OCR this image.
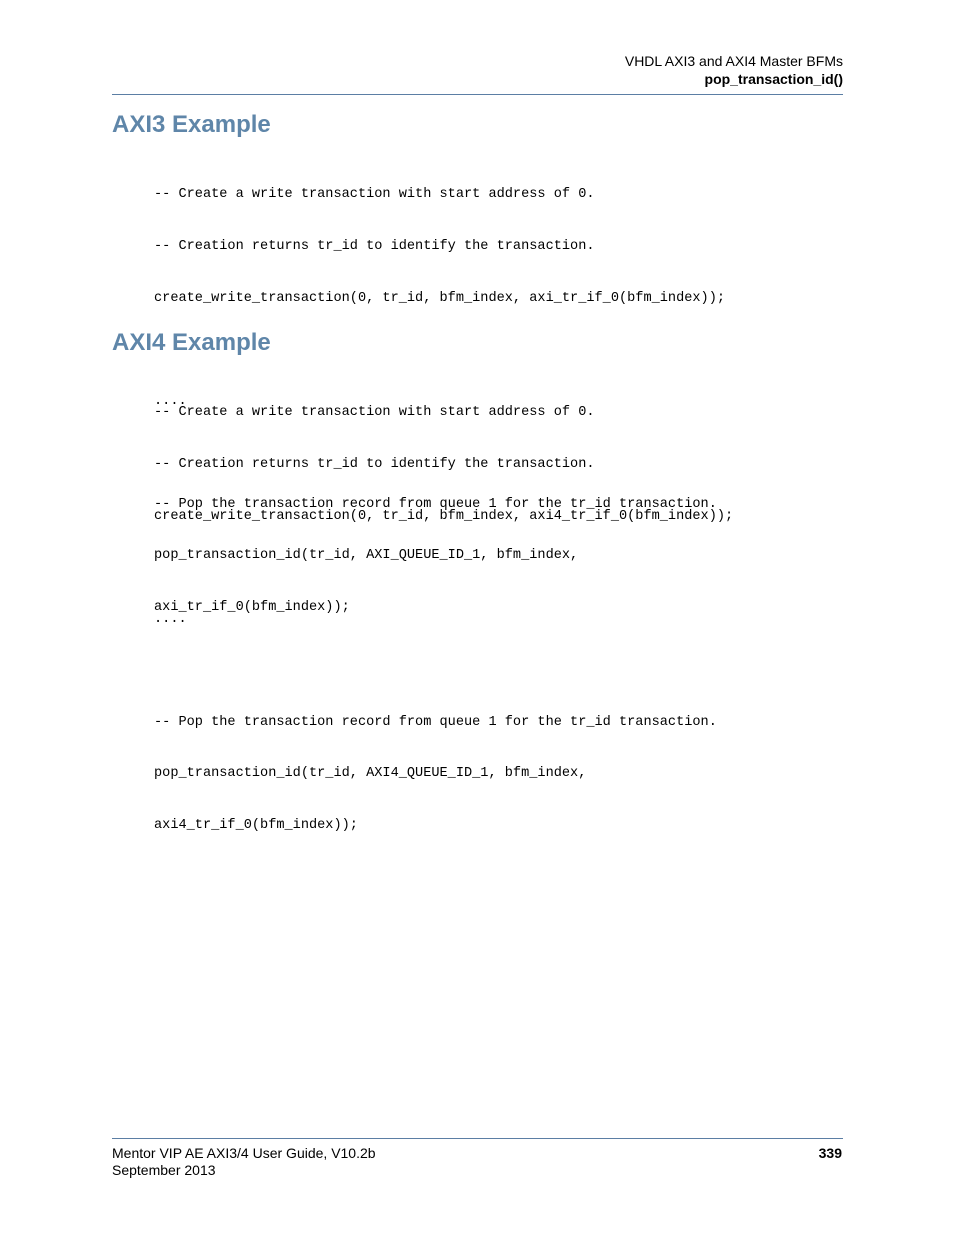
VHDL AXI3 and AXI4 Master BFMs
pop_transaction_id()
AXI3 Example

-- Create a write transaction with start address of 0.

-- Creation returns tr_id to identify the transaction.

create_write_transaction(0, tr_id, bfm_index, axi_tr_if_0(bfm_index));

....

-- Pop the transaction record from queue 1 for the tr_id transaction.

pop_transaction_id(tr_id, AXI_QUEUE_ID_1, bfm_index,

axi_tr_if_0(bfm_index));

AXI4 Example

-- Create a write transaction with start address of 0.

-- Creation returns tr_id to identify the transaction.

create_write_transaction(0, tr_id, bfm_index, axi4_tr_if_0(bfm_index));

....

-- Pop the transaction record from queue 1 for the tr_id transaction.

pop_transaction_id(tr_id, AXI4_QUEUE_ID_1, bfm_index,

axi4_tr_if_0(bfm_index));

Mentor VIP AE AXI3/4 User Guide, V10.2b
September 2013
339
